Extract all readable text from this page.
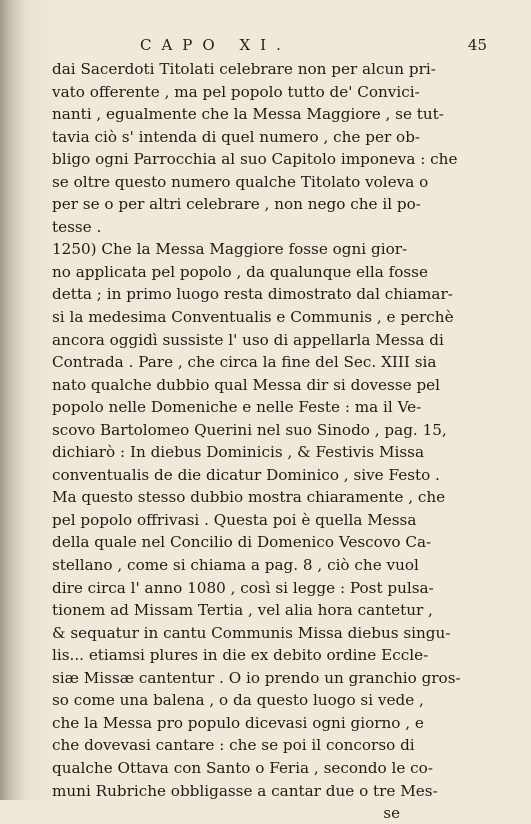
CAPO XI.	45
dai Sacerdoti Titolati celebrare non per alcun pri-
vato offerente , ma pel popolo tutto de' Convici-
nanti , egualmente che la Messa Maggiore , se tut-
tavia ciò s' intenda di quel numero , che per ob-
bligo ogni Parrocchia al suo Capitolo imponeva : che
se oltre questo numero qualche Titolato voleva o
per se o per altri celebrare , non nego che il po-
tesse .
1250) Che la Messa Maggiore fosse ogni gior-
no applicata pel popolo , da qualunque ella fosse
detta ; in primo luogo resta dimostrato dal chiamar-
si la medesima Conventualis e Communis , e perchè
ancora oggidì sussiste l' uso di appellarla Messa di
Contrada . Pare , che circa la fine del Sec. XIII sia
nato qualche dubbio qual Messa dir si dovesse pel
popolo nelle Domeniche e nelle Feste : ma il Ve-
scovo Bartolomeo Querini nel suo Sinodo , pag. 15,
dichiarò : In diebus Dominicis , & Festivis Missa
conventualis de die dicatur Dominico , sive Festo .
Ma questo stesso dubbio mostra chiaramente , che
pel popolo offrivasi . Questa poi è quella Messa
della quale nel Concilio di Domenico Vescovo Ca-
stellano , come si chiama a pag. 8 , ciò che vuol
dire circa l' anno 1080 , così si legge : Post pulsa-
tionem ad Missam Tertia , vel alia hora cantetur ,
& sequatur in cantu Communis Missa diebus singu-
lis... etiamsi plures in die ex debito ordine Eccle-
siæ Missæ cantentur . O io prendo un granchio gros-
so come una balena , o da questo luogo si vede ,
che la Messa pro populo dicevasi ogni giorno , e
che dovevasi cantare : che se poi il concorso di
qualche Ottava con Santo o Feria , secondo le co-
muni Rubriche obbligasse a cantar due o tre Mes-
se
